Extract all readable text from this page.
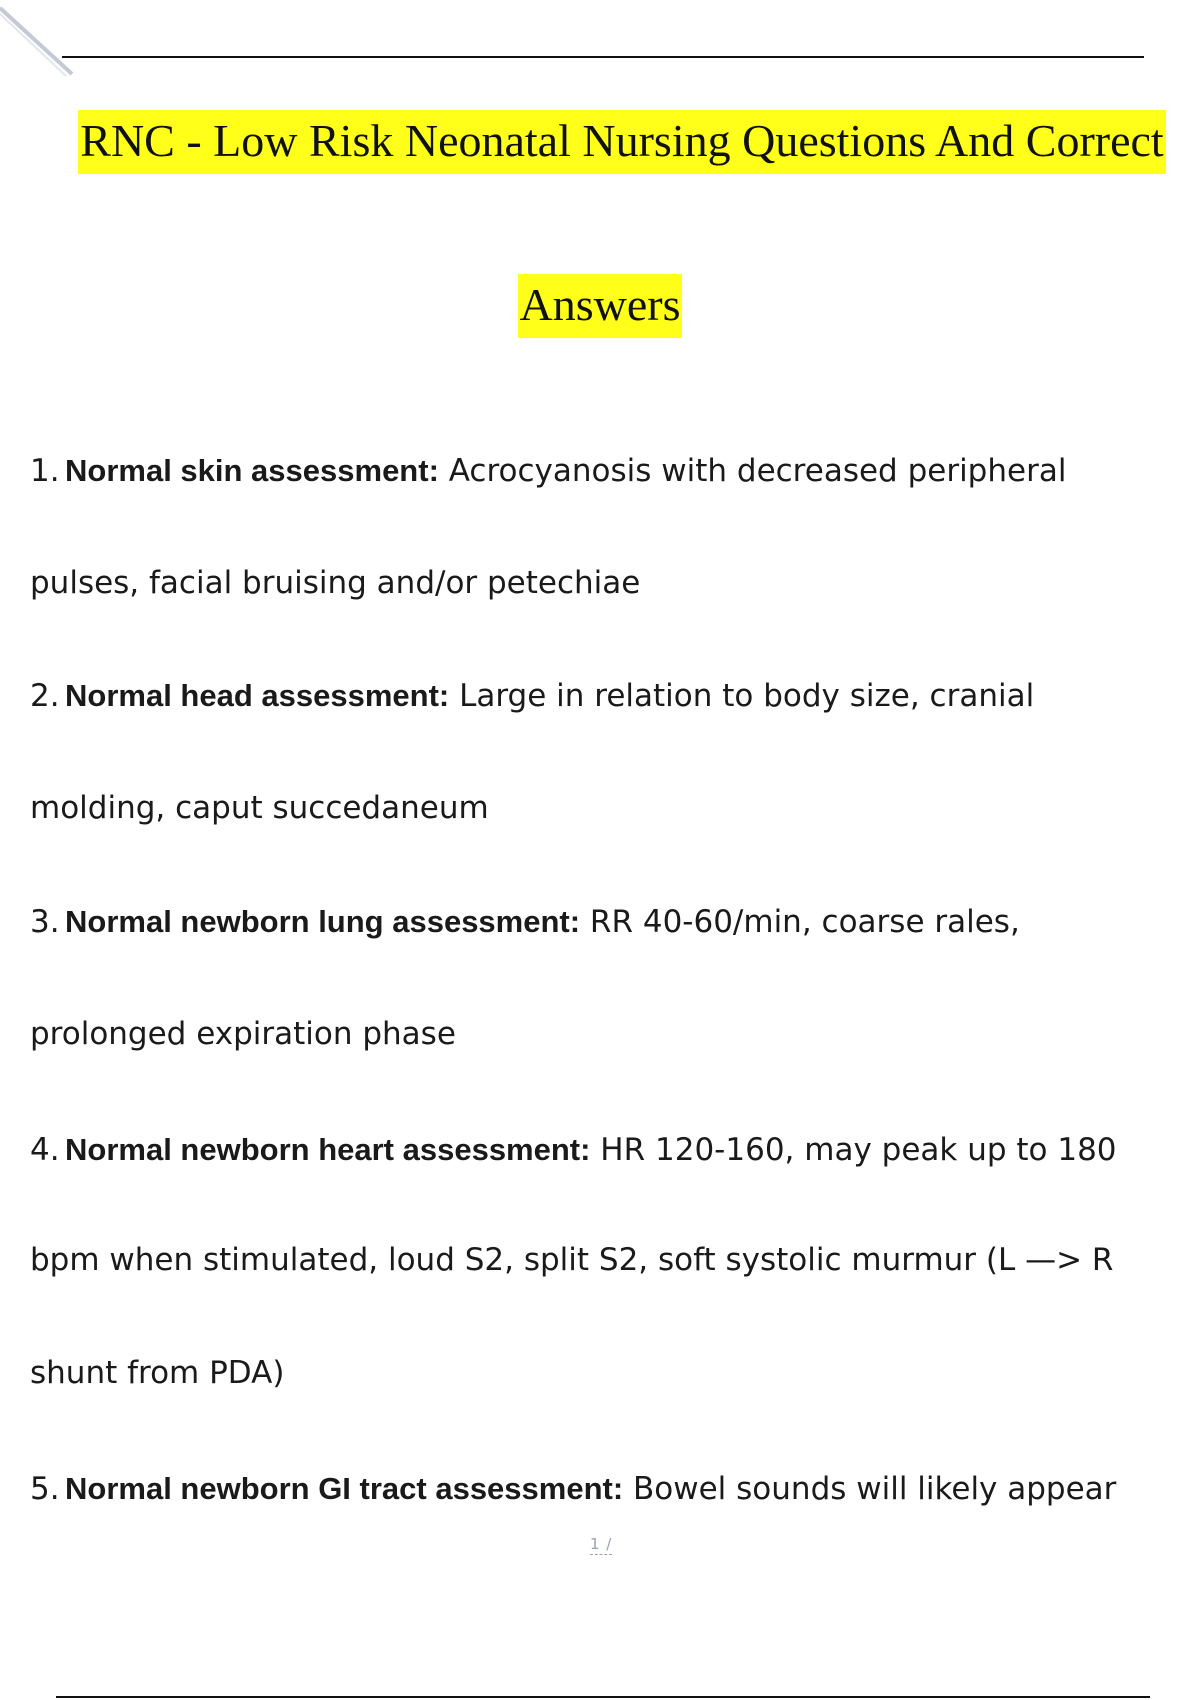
RNC - Low Risk Neonatal Nursing Questions And Correct
Answers
1. Normal skin assessment: Acrocyanosis with decreased peripheral
pulses, facial bruising and/or petechiae
2. Normal head assessment: Large in relation to body size, cranial
molding, caput succedaneum
3. Normal newborn lung assessment: RR 40-60/min, coarse rales,
prolonged expiration phase
4. Normal newborn heart assessment: HR 120-160, may peak up to 180
bpm when stimulated, loud S2, split S2, soft systolic murmur (L —> R
shunt from PDA)
5. Normal newborn GI tract assessment: Bowel sounds will likely appear
1 /
